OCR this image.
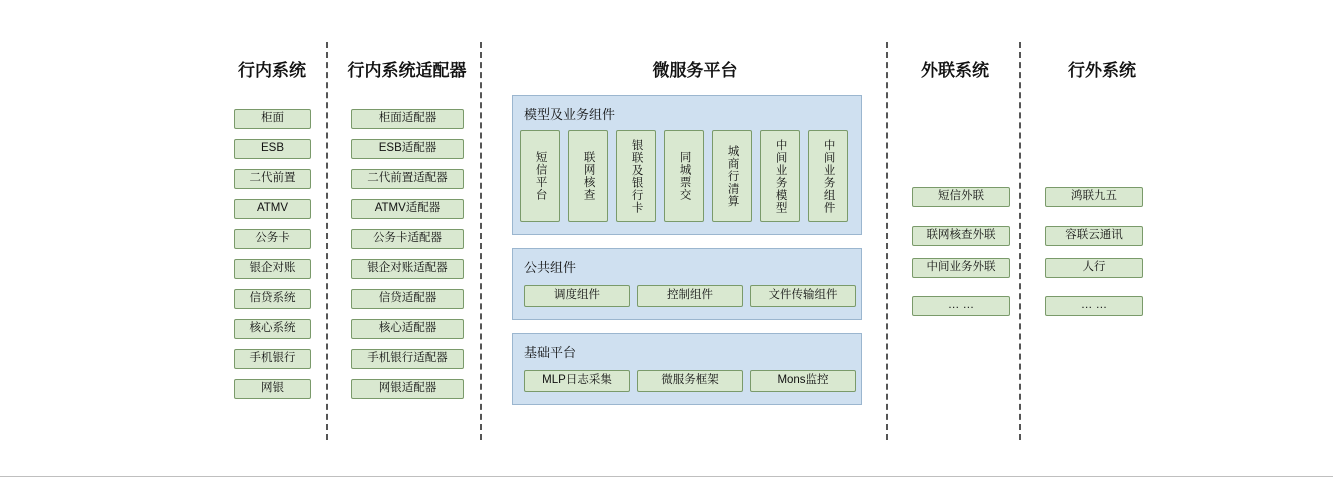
行内系统	行内系统适配器	微服务平台	外联系统	行外系统
柜面
ESB
二代前置
ATMV
公务卡
银企对账
信贷系统
核心系统
手机银行
网银
柜面适配器
ESB适配器
二代前置适配器
ATMV适配器
公务卡适配器
银企对账适配器
信贷适配器
核心适配器
手机银行适配器
网银适配器
模型及业务组件
短信平台	联网核查	银联及银行卡	同城票交	城商行清算	中间业务模型	中间业务组件
公共组件
调度组件	控制组件	文件传输组件
基础平台
MLP日志采集	微服务框架	Mons监控
短信外联
联网核查外联
中间业务外联
… …
鸿联九五
容联云通讯
人行
… …
